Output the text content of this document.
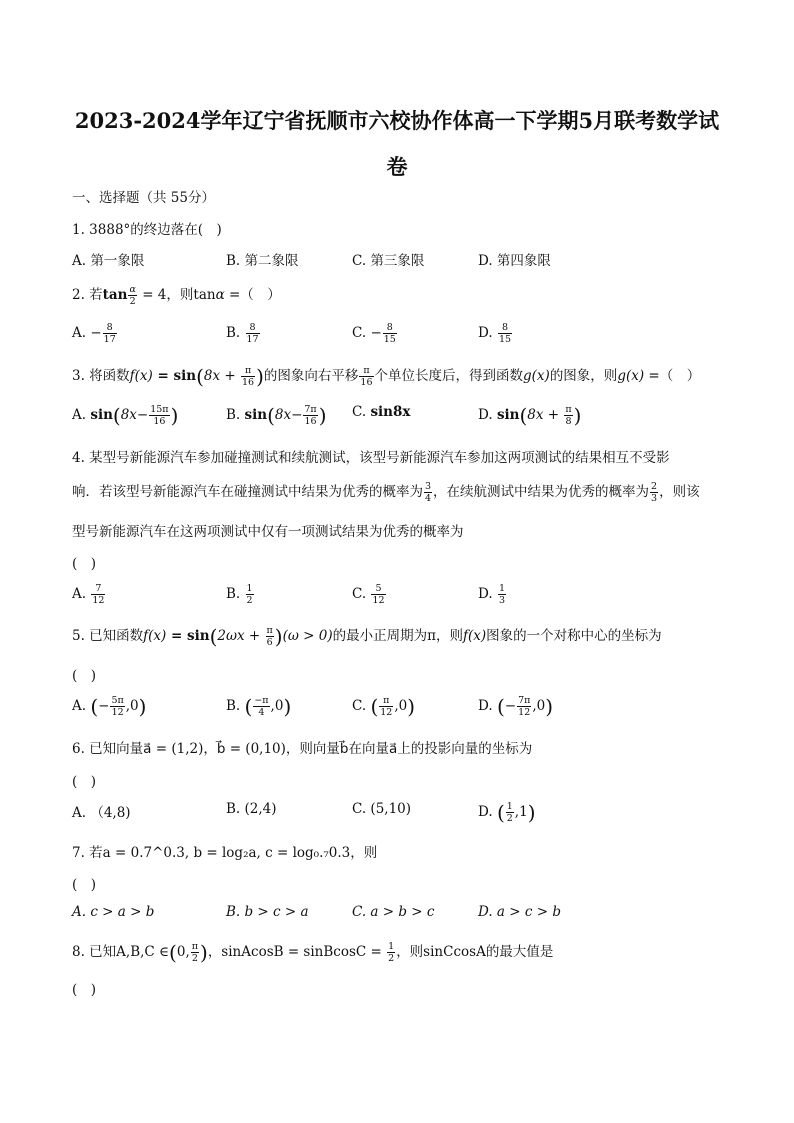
2023-2024学年辽宁省抚顺市六校协作体高一下学期5月联考数学试
卷
一、选择题（共 55分）
1. 3888°的终边落在(　)
A. 第一象限	B. 第二象限	C. 第三象限	D. 第四象限
2. 若$\tan \frac{\alpha}{2} = 4$，则tanα =（　）
A. − $\frac{8}{17}$	B. $\frac{8}{17}$	C. − $\frac{8}{15}$	D. $\frac{8}{15}$
3. 将函数$f(x) = \sin(8x + \frac{\pi}{16}$ )的图象向右平移 $\frac{\pi}{16}$ 个单位长度后，得到函数g(x)的图象，则g(x) =（　）
A. $\sin(8x- \frac{15\pi}{16}$ )	B. $\sin(8x- \frac{7\pi}{16}$ ) C. sin8x	D. $\sin(8x + \frac{\pi}{8}$ )
4. 某型号新能源汽车参加碰撞测试和续航测试，该型号新能源汽车参加这两项测试的结果相互不受影
响．若该型号新能源汽车在碰撞测试中结果为优秀的概率为 $\frac{3}{4}$ ，在续航测试中结果为优秀的概率为 $\frac{2}{3}$ ，则该
型号新能源汽车在这两项测试中仅有一项测试结果为优秀的概率为
(　)
A. $\frac{7}{12}$	B. $\frac{1}{2}$	C. $\frac{5}{12}$	D. $\frac{1}{3}$
5. 已知函数$f(x) = \sin(2\omega x + \frac{\pi}{6} )(\omega > 0)$的最小正周期为π，则f(x)图象的一个对称中心的坐标为
(　)
A. (− $\frac{5\pi}{12} ,0$)	B. ( $\frac{-\pi}{4} ,0$)	C. ( $\frac{\pi}{12} ,0$)	D. (− $\frac{7\pi}{12} ,0$)
6. 已知向量a⃗ = (1,2)，b⃗ = (0,10)，则向量b⃗在向量a⃗上的投影向量的坐标为
(　)
A. （4,8)	B. (2,4)	C. (5,10)	D. ( $\frac{1}{2} ,1$)
7. 若a = 0.7^0.3, b = log₂a, c = log₀.₇0.3，则
(　)
A. c > a > b	B. b > c > a	C. a > b > c	D. a > c > b
8. 已知A,B,C ∈(0, $\frac{\pi}{2}$ )，sinAcosB = sinBcosC = $\frac{1}{2}$ ，则sinCcosA的最大值是
(　)
